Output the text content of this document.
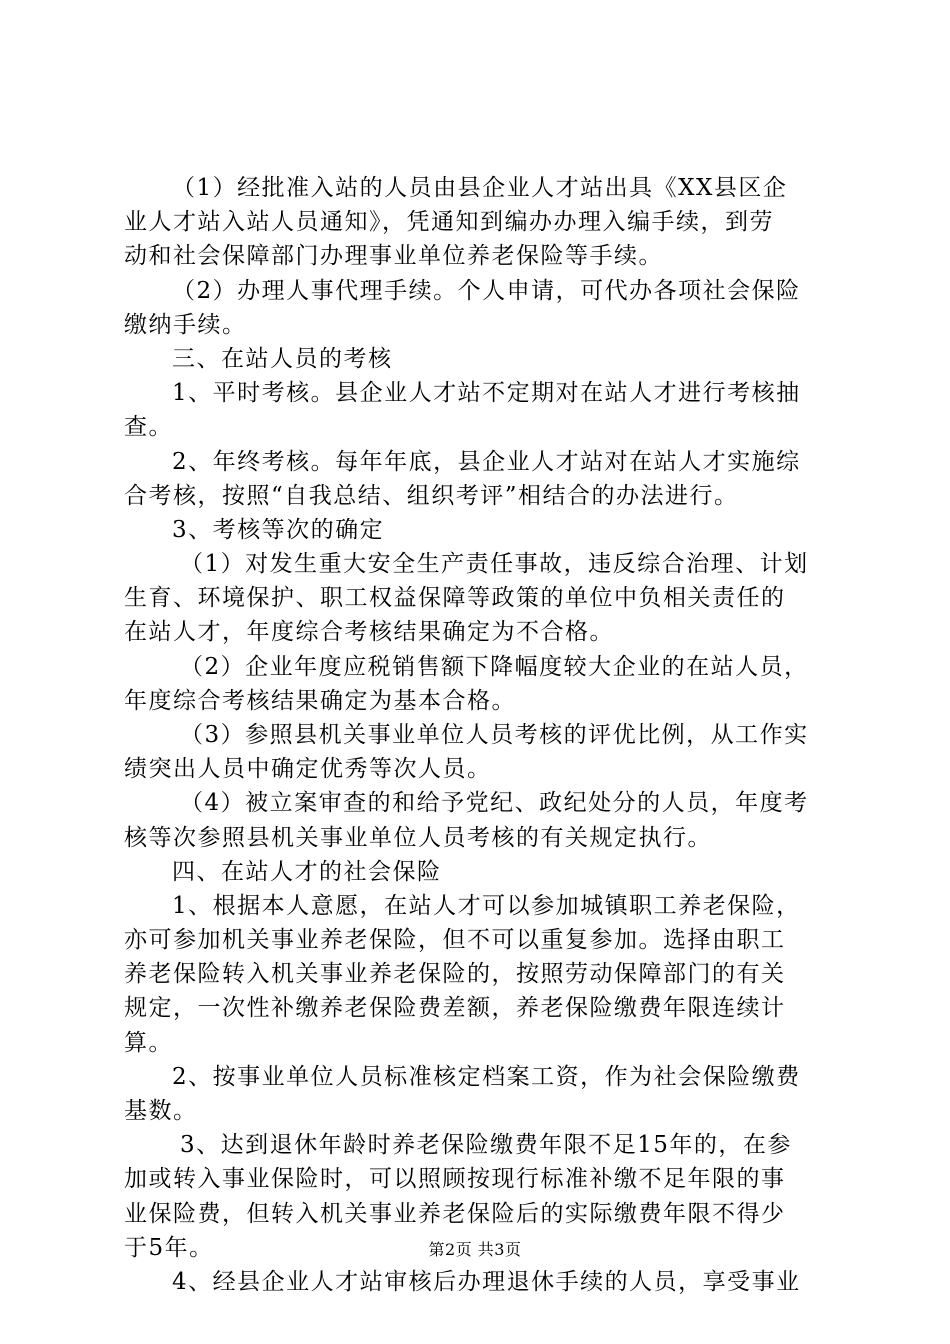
（1）经批准入站的人员由县企业人才站出具《XX县区企
业人才站入站人员通知》，凭通知到编办办理入编手续，到劳
动和社会保障部门办理事业单位养老保险等手续。
（2）办理人事代理手续。个人申请，可代办各项社会保险
缴纳手续。
三、在站人员的考核
1、平时考核。县企业人才站不定期对在站人才进行考核抽
查。
2、年终考核。每年年底，县企业人才站对在站人才实施综
合考核，按照“自我总结、组织考评”相结合的办法进行。
3、考核等次的确定
（1）对发生重大安全生产责任事故，违反综合治理、计划
生育、环境保护、职工权益保障等政策的单位中负相关责任的
在站人才，年度综合考核结果确定为不合格。
（2）企业年度应税销售额下降幅度较大企业的在站人员，
年度综合考核结果确定为基本合格。
（3）参照县机关事业单位人员考核的评优比例，从工作实
绩突出人员中确定优秀等次人员。
（4）被立案审查的和给予党纪、政纪处分的人员，年度考
核等次参照县机关事业单位人员考核的有关规定执行。
四、在站人才的社会保险
1、根据本人意愿，在站人才可以参加城镇职工养老保险，
亦可参加机关事业养老保险，但不可以重复参加。选择由职工
养老保险转入机关事业养老保险的，按照劳动保障部门的有关
规定，一次性补缴养老保险费差额，养老保险缴费年限连续计
算。
2、按事业单位人员标准核定档案工资，作为社会保险缴费
基数。
3、达到退休年龄时养老保险缴费年限不足15年的，在参
加或转入事业保险时，可以照顾按现行标准补缴不足年限的事
业保险费，但转入机关事业养老保险后的实际缴费年限不得少
于5年。
4、经县企业人才站审核后办理退休手续的人员，享受事业
第2页 共3页
